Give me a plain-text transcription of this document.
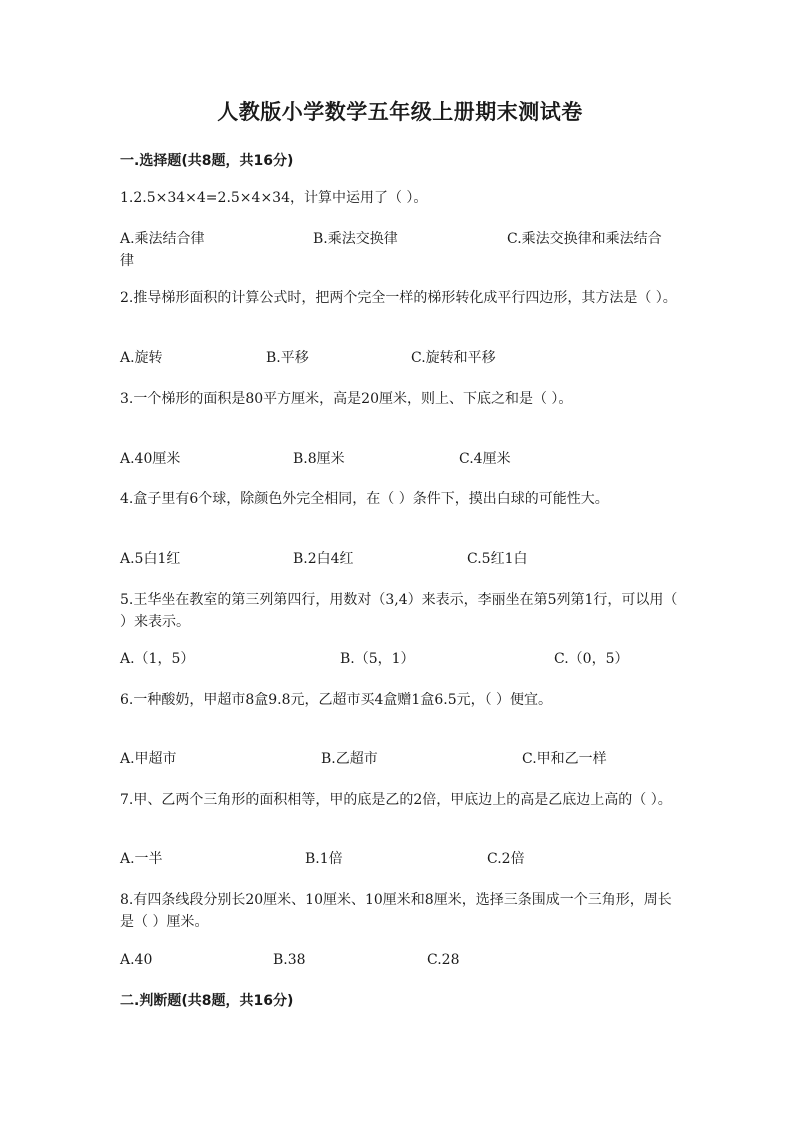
人教版小学数学五年级上册期末测试卷
一.选择题(共8题，共16分)
1.2.5×34×4=2.5×4×34，计算中运用了（ ）。
A.乘法结合律	B.乘法交换律	C.乘法交换律和乘法结合律
2.推导梯形面积的计算公式时，把两个完全一样的梯形转化成平行四边形，其方法是（ ）。
A.旋转	B.平移	C.旋转和平移
3.一个梯形的面积是80平方厘米，高是20厘米，则上、下底之和是（ ）。
A.40厘米	B.8厘米	C.4厘米
4.盒子里有6个球，除颜色外完全相同，在（ ）条件下，摸出白球的可能性大。
A.5白1红	B.2白4红	C.5红1白
5.王华坐在教室的第三列第四行，用数对（3,4）来表示，李丽坐在第5列第1行，可以用（ ）来表示。
A.（1，5）	B.（5，1）	C.（0，5）
6.一种酸奶，甲超市8盒9.8元，乙超市买4盒赠1盒6.5元，（ ）便宜。
A.甲超市	B.乙超市	C.甲和乙一样
7.甲、乙两个三角形的面积相等，甲的底是乙的2倍，甲底边上的高是乙底边上高的（ ）。
A.一半	B.1倍	C.2倍
8.有四条线段分别长20厘米、10厘米、10厘米和8厘米，选择三条围成一个三角形，周长是（ ）厘米。
A.40	B.38	C.28
二.判断题(共8题，共16分)
